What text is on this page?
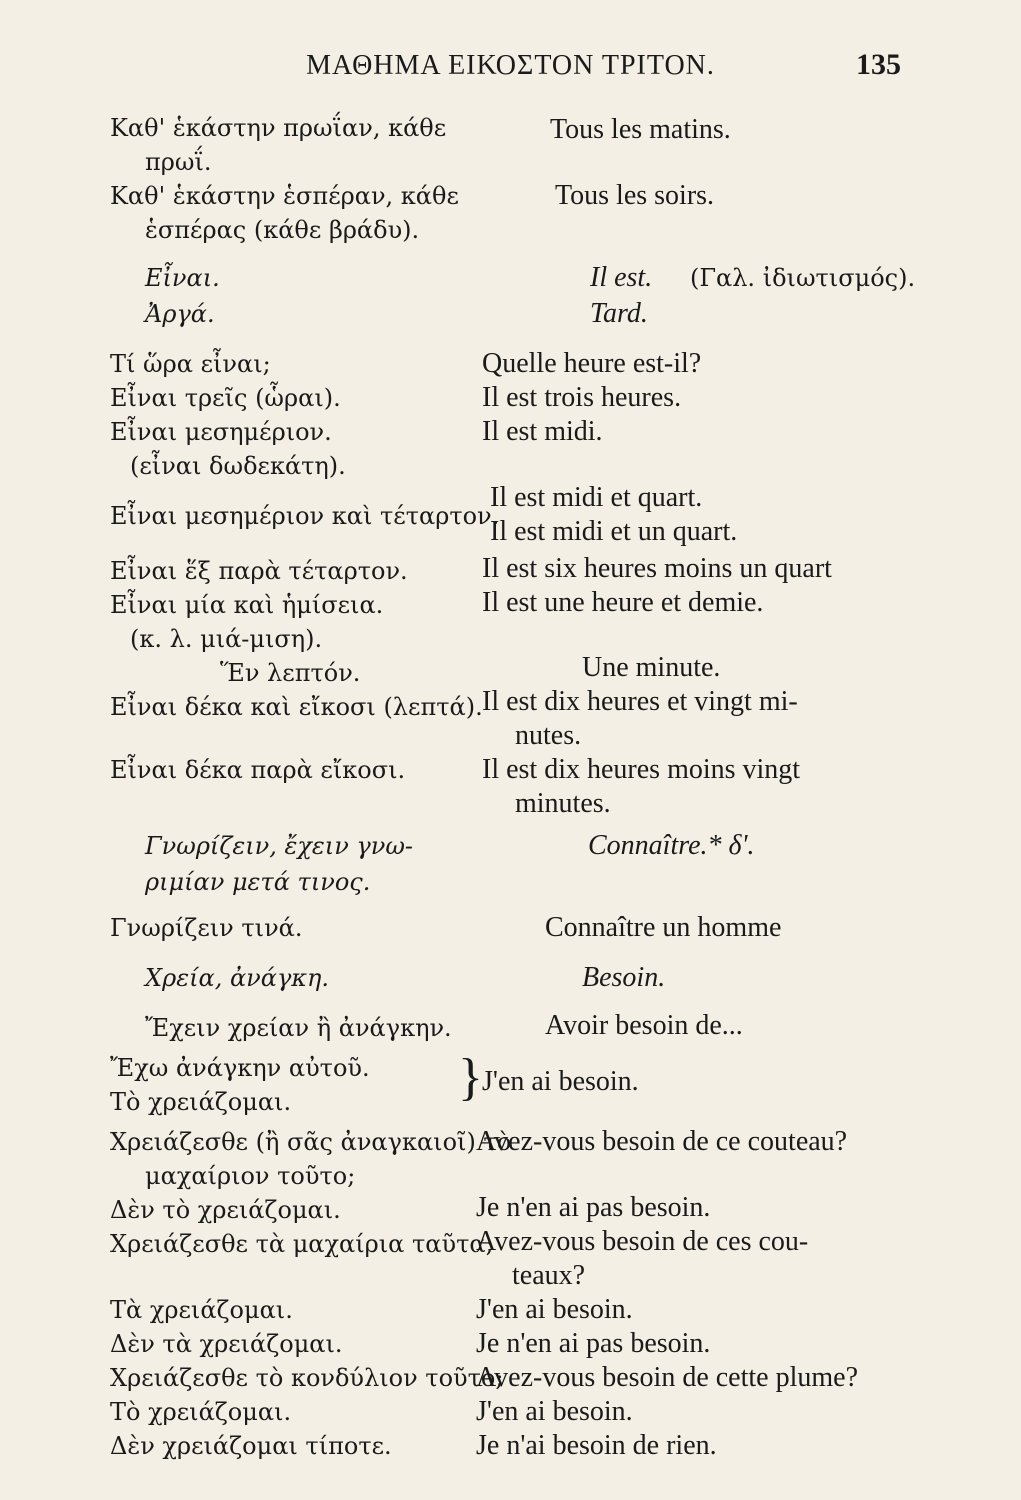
ΜΑΘΗΜΑ ΕΙΚΟΣΤΟΝ ΤΡΙΤΟΝ.	135
Καθ' ἑκάστην πρωΐαν, κάθε
πρωΐ.
Καθ' ἑκάστην ἑσπέραν, κάθε
ἑσπέρας (κάθε βράδυ).
Εἶναι.
Ἀργά.
Τί ὥρα εἶναι;
Εἶναι τρεῖς (ὧραι).
Εἶναι μεσημέριον.
(εἶναι δωδεκάτη).
Εἶναι μεσημέριον καὶ τέταρτον.
Εἶναι ἕξ παρὰ τέταρτον.
Εἶναι μία καὶ ἡμίσεια.
(κ. λ. μιά-μιση).
Ἕν λεπτόν.
Εἶναι δέκα καὶ εἴκοσι (λεπτά).
Εἶναι δέκα παρὰ εἴκοσι.
Γνωρίζειν, ἔχειν γνω-
ριμίαν μετά τινος.
Γνωρίζειν τινά.
Χρεία, ἀνάγκη.
Ἔχειν χρείαν ἢ ἀνάγκην.
Ἔχω ἀνάγκην αὐτοῦ.
Τὸ χρειάζομαι.
Χρειάζεσθε (ἢ σᾶς ἀναγκαιοῖ) τὸ
μαχαίριον τοῦτο;
Δὲν τὸ χρειάζομαι.
Χρειάζεσθε τὰ μαχαίρια ταῦτα;
Τὰ χρειάζομαι.
Δὲν τὰ χρειάζομαι.
Χρειάζεσθε τὸ κονδύλιον τοῦτο;
Τὸ χρειάζομαι.
Δὲν χρειάζομαι τίποτε.
Tous les matins.
Tous les soirs.
Il est. (Γαλ. ἰδιωτισμός).
Tard.
Quelle heure est-il?
Il est trois heures.
Il est midi.
Il est midi et quart.
Il est midi et un quart.
Il est six heures moins un quart
Il est une heure et demie.
Une minute.
Il est dix heures et vingt mi-
nutes.
Il est dix heures moins vingt
minutes.
Connaître.* δ'.
Connaître un homme
Besoin.
Avoir besoin de...
} J'en ai besoin.
Avez-vous besoin de ce couteau?
Je n'en ai pas besoin.
Avez-vous besoin de ces cou-
teaux?
J'en ai besoin.
Je n'en ai pas besoin.
Avez-vous besoin de cette plume?
J'en ai besoin.
Je n'ai besoin de rien.
